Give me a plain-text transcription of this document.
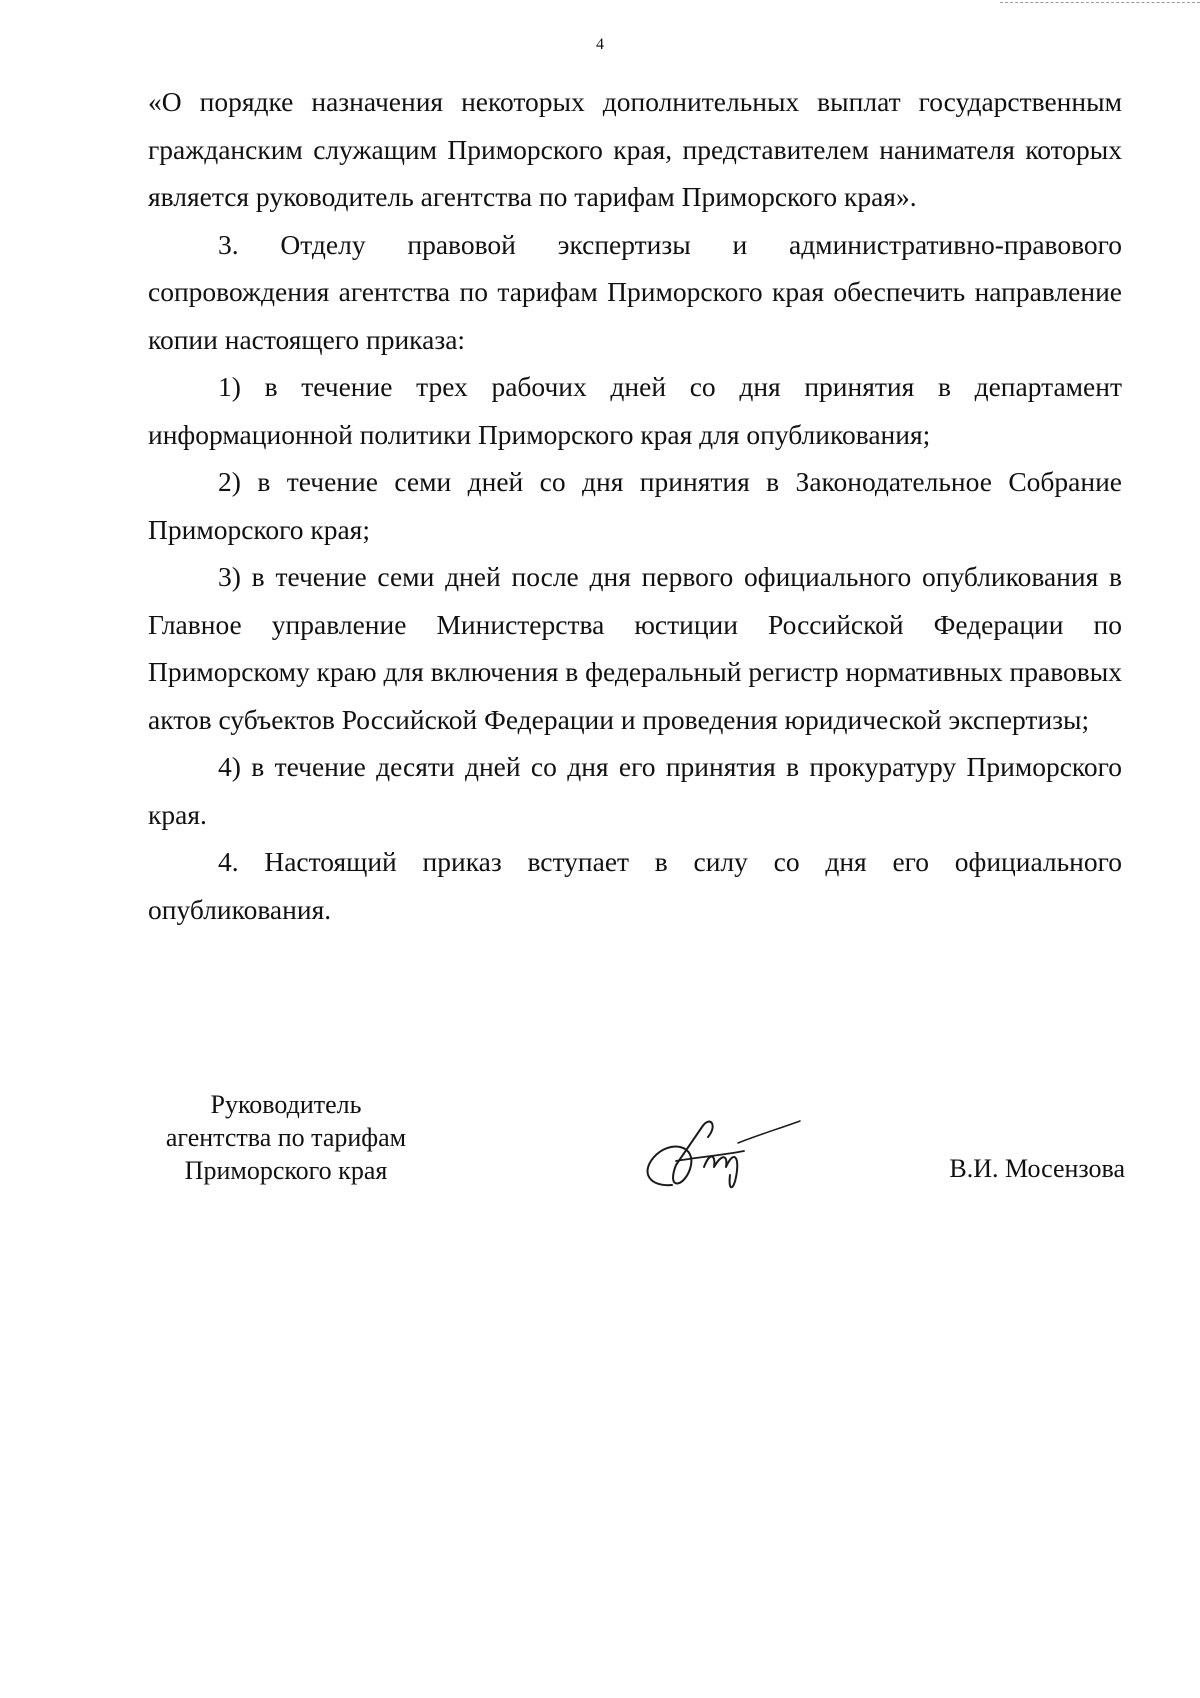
4

«О порядке назначения некоторых дополнительных выплат государственным гражданским служащим Приморского края, представителем нанимателя которых является руководитель агентства по тарифам Приморского края».

3. Отделу правовой экспертизы и административно-правового сопровождения агентства по тарифам Приморского края обеспечить направление копии настоящего приказа:

1) в течение трех рабочих дней со дня принятия в департамент информационной политики Приморского края для опубликования;

2) в течение семи дней со дня принятия в Законодательное Собрание Приморского края;

3) в течение семи дней после дня первого официального опубликования в Главное управление Министерства юстиции Российской Федерации по Приморскому краю для включения в федеральный регистр нормативных правовых актов субъектов Российской Федерации и проведения юридической экспертизы;

4) в течение десяти дней со дня его принятия в прокуратуру Приморского края.

4. Настоящий приказ вступает в силу со дня его официального опубликования.

Руководитель
агентства по тарифам
Приморского края	В.И. Мосензова
